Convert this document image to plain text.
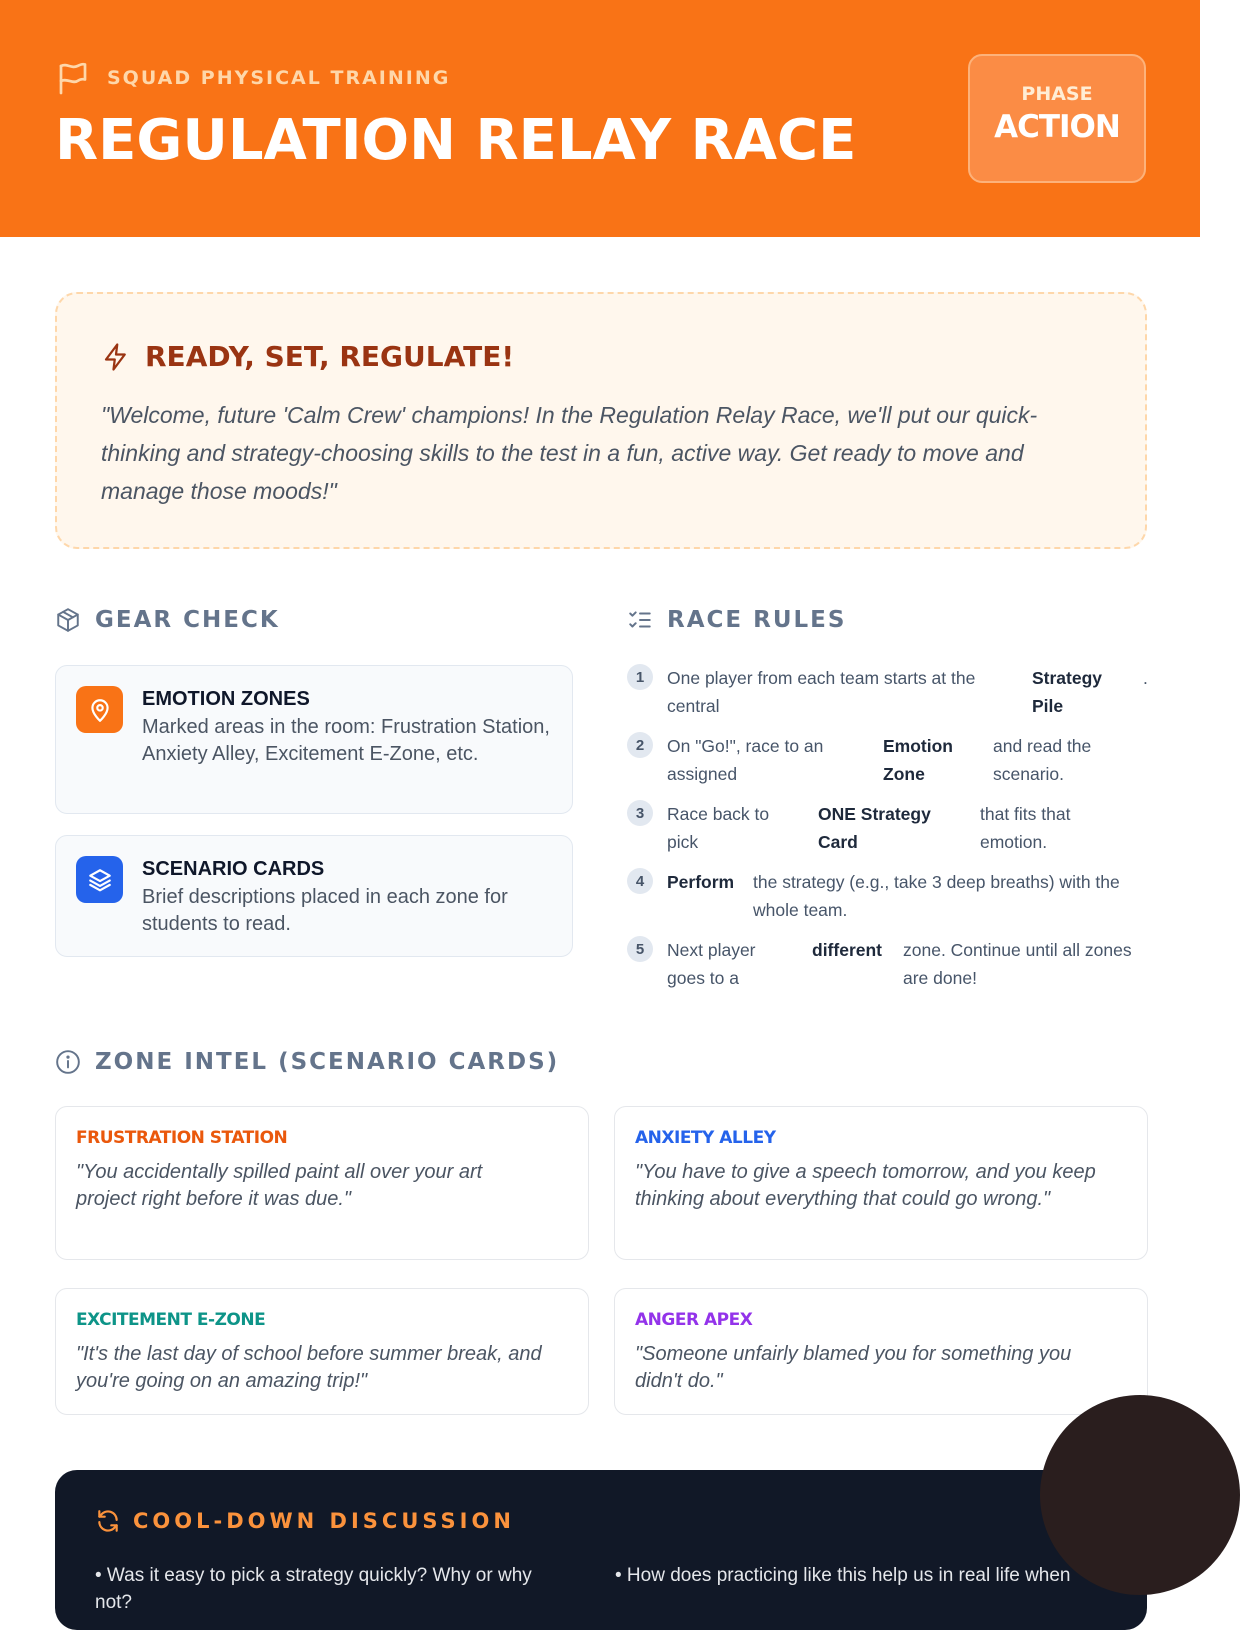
SQUAD PHYSICAL TRAINING
REGULATION RELAY RACE
PHASE
ACTION
READY, SET, REGULATE!
"Welcome, future 'Calm Crew' champions! In the Regulation Relay Race, we'll put our quick-thinking and strategy-choosing skills to the test in a fun, active way. Get ready to move and manage those moods!"
GEAR CHECK
EMOTION ZONES
Marked areas in the room: Frustration Station, Anxiety Alley, Excitement E-Zone, etc.
SCENARIO CARDS
Brief descriptions placed in each zone for students to read.
RACE RULES
1	One player from each team starts at the central
Strategy Pile
.
2	On "Go!", race to an assigned
Emotion Zone
and read the scenario.
3	Race back to pick
ONE Strategy Card
that fits that emotion.
4	Perform	the strategy (e.g., take 3 deep breaths) with the whole team.
5	Next player goes to a
different	zone. Continue until all zones are done!
ZONE INTEL (SCENARIO CARDS)
FRUSTRATION STATION
"You accidentally spilled paint all over your art project right before it was due."
ANXIETY ALLEY
"You have to give a speech tomorrow, and you keep thinking about everything that could go wrong."
EXCITEMENT E-ZONE
"It's the last day of school before summer break, and you're going on an amazing trip!"
ANGER APEX
"Someone unfairly blamed you for something you didn't do."
COOL-DOWN DISCUSSION
• Was it easy to pick a strategy quickly? Why or why not?
• How does practicing like this help us in real life when
